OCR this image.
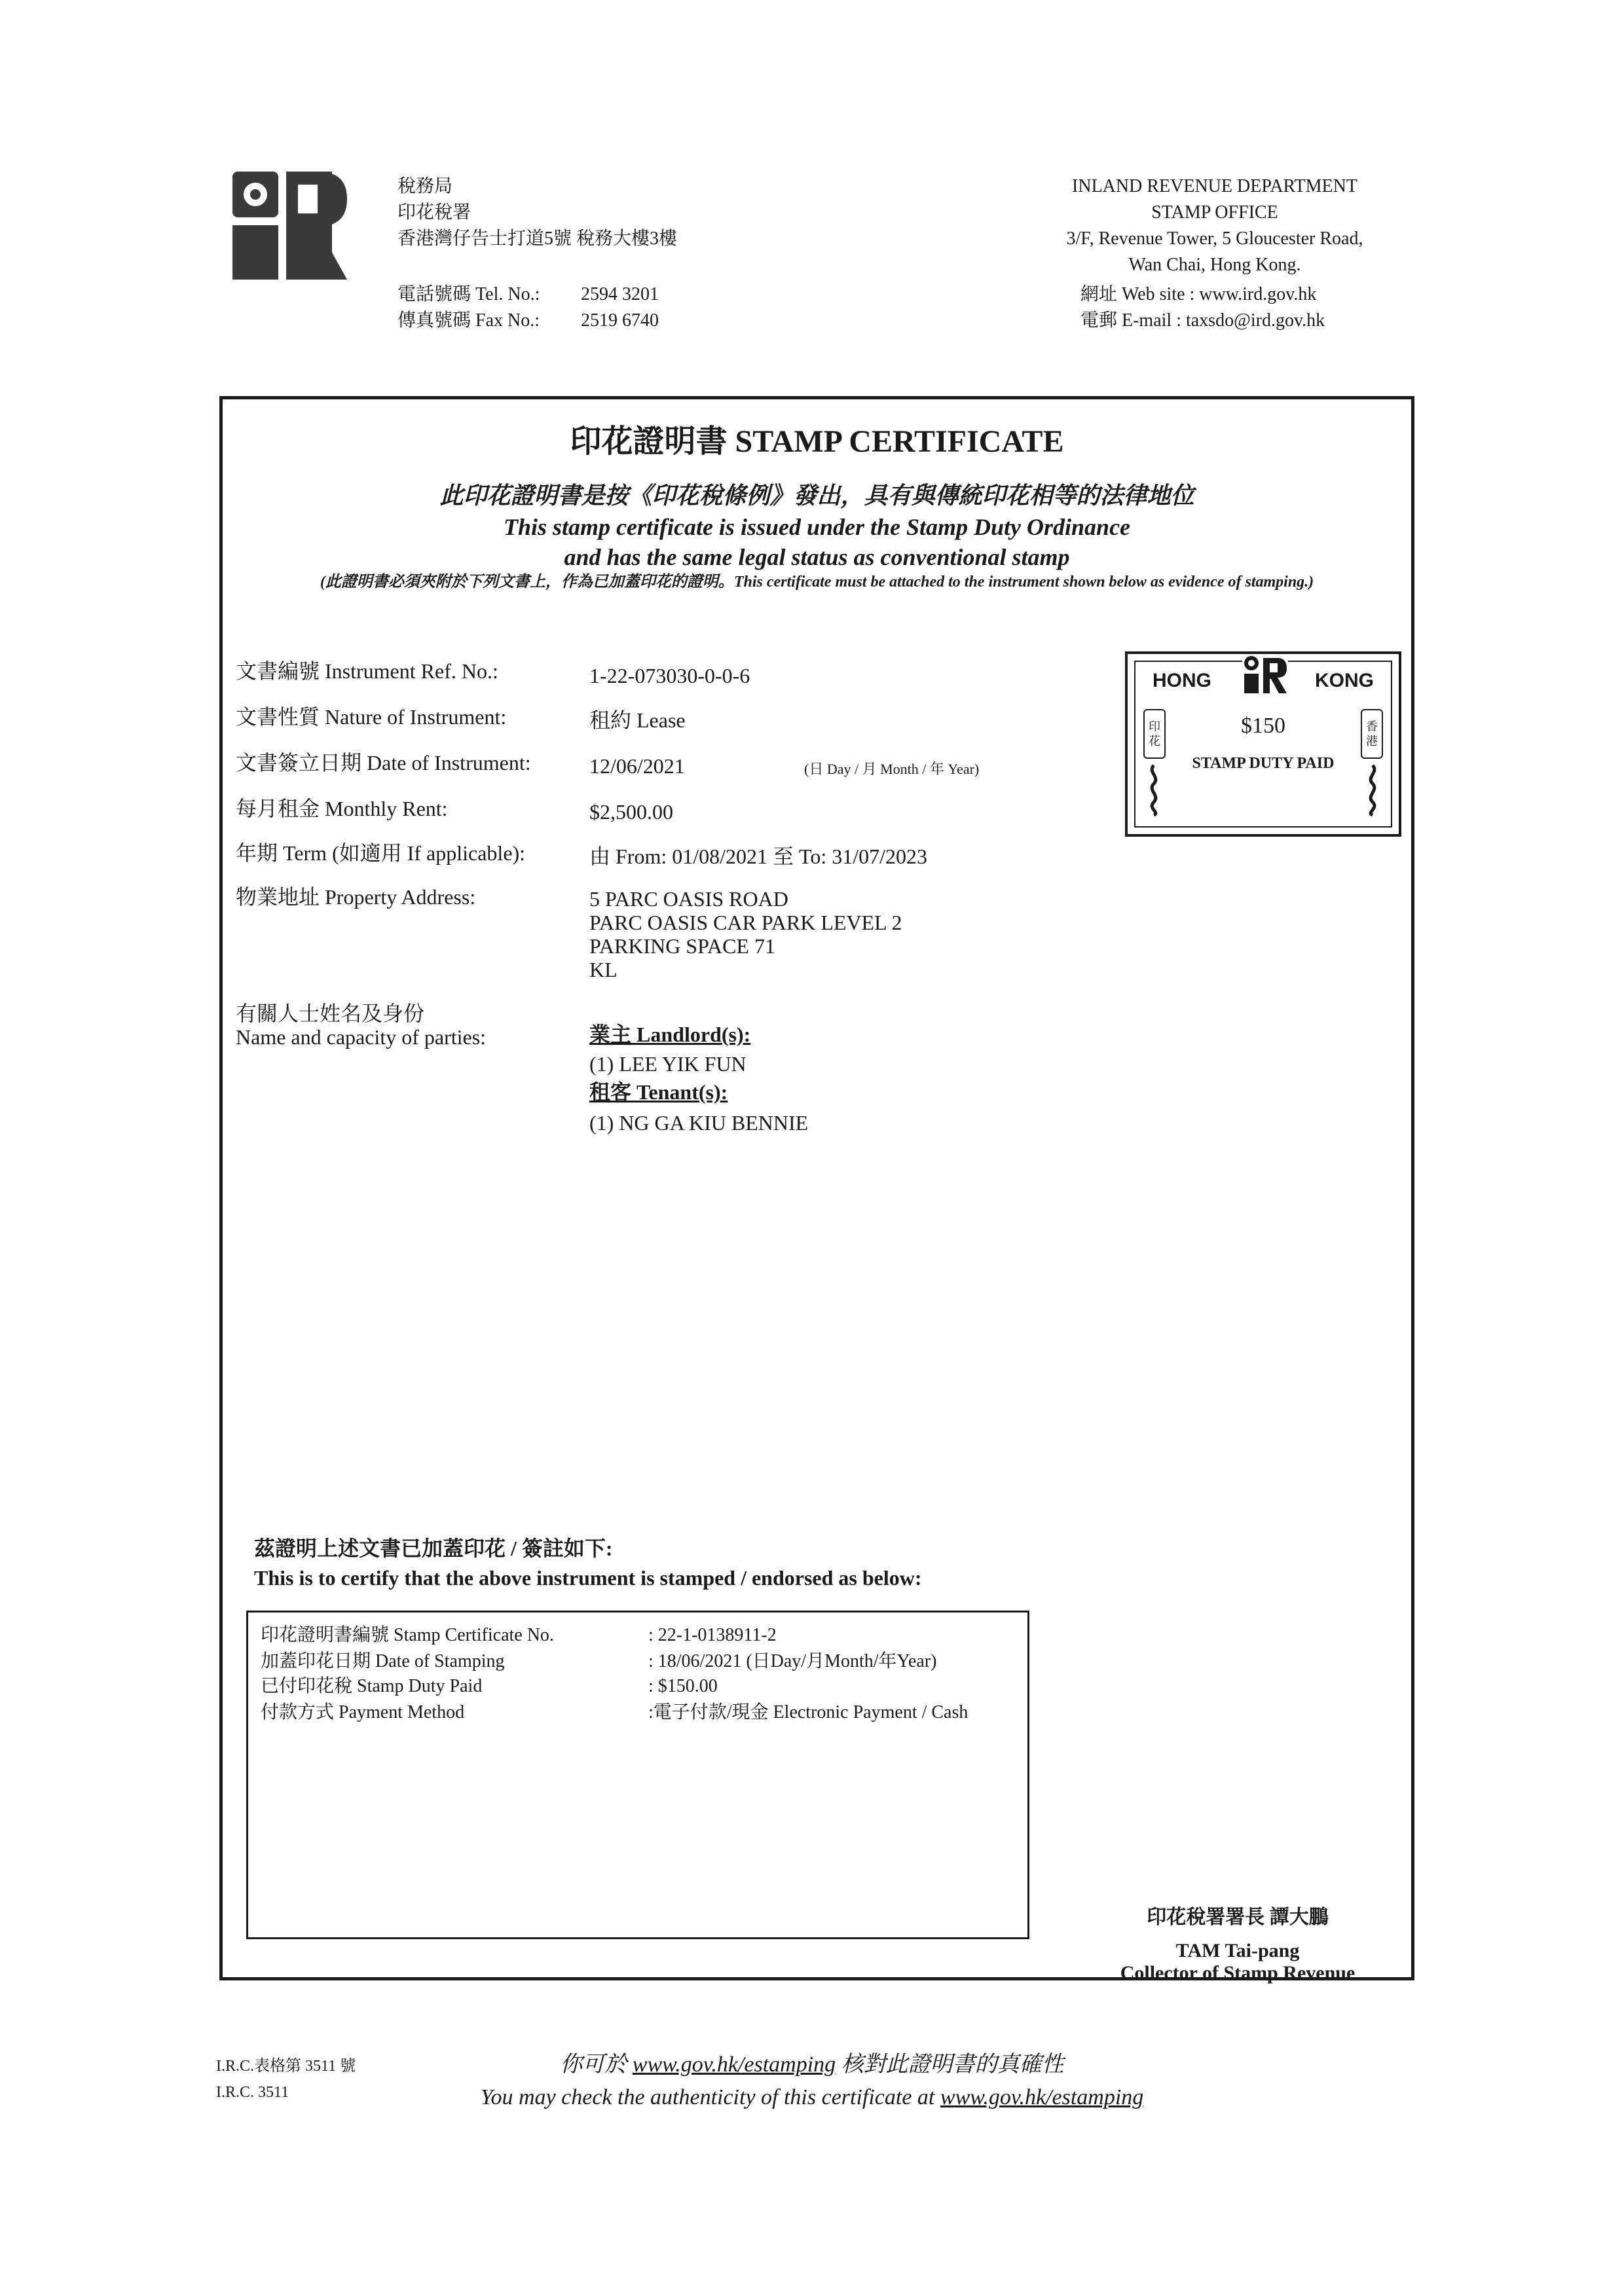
稅務局
印花稅署
香港灣仔告士打道5號 稅務大樓3樓
電話號碼 Tel. No.:	2594 3201
傳真號碼 Fax No.:	2519 6740
INLAND REVENUE DEPARTMENT
STAMP OFFICE
3/F, Revenue Tower, 5 Gloucester Road,
Wan Chai, Hong Kong.
網址 Web site : www.ird.gov.hk
電郵 E-mail : taxsdo@ird.gov.hk
印花證明書 STAMP CERTIFICATE
此印花證明書是按《印花稅條例》發出，具有與傳統印花相等的法律地位
This stamp certificate is issued under the Stamp Duty Ordinance
and has the same legal status as conventional stamp
(此證明書必須夾附於下列文書上，作為已加蓋印花的證明。This certificate must be attached to the instrument shown below as evidence of stamping.)
文書編號 Instrument Ref. No.:	1-22-073030-0-0-6
文書性質 Nature of Instrument:	租約 Lease
文書簽立日期 Date of Instrument:	12/06/2021	(日 Day / 月 Month / 年 Year)
每月租金 Monthly Rent:	$2,500.00
年期 Term (如適用 If applicable):	由 From: 01/08/2021 至 To: 31/07/2023
物業地址 Property Address:	5 PARC OASIS ROAD
PARC OASIS CAR PARK LEVEL 2
PARKING SPACE 71
KL
有關人士姓名及身份
Name and capacity of parties:	業主 Landlord(s):
(1) LEE YIK FUN
租客 Tenant(s):
(1) NG GA KIU BENNIE
HONG	KONG
$150
STAMP DUTY PAID
印
花
香
港
茲證明上述文書已加蓋印花 / 簽註如下:
This is to certify that the above instrument is stamped / endorsed as below:
印花證明書編號 Stamp Certificate No.	: 22-1-0138911-2
加蓋印花日期 Date of Stamping	: 18/06/2021 (日Day/月Month/年Year)
已付印花稅 Stamp Duty Paid	: $150.00
付款方式 Payment Method	:電子付款/現金 Electronic Payment / Cash
印花稅署署長 譚大鵬
TAM Tai-pang
Collector of Stamp Revenue
I.R.C.表格第 3511 號
I.R.C. 3511
你可於 www.gov.hk/estamping 核對此證明書的真確性
You may check the authenticity of this certificate at www.gov.hk/estamping
